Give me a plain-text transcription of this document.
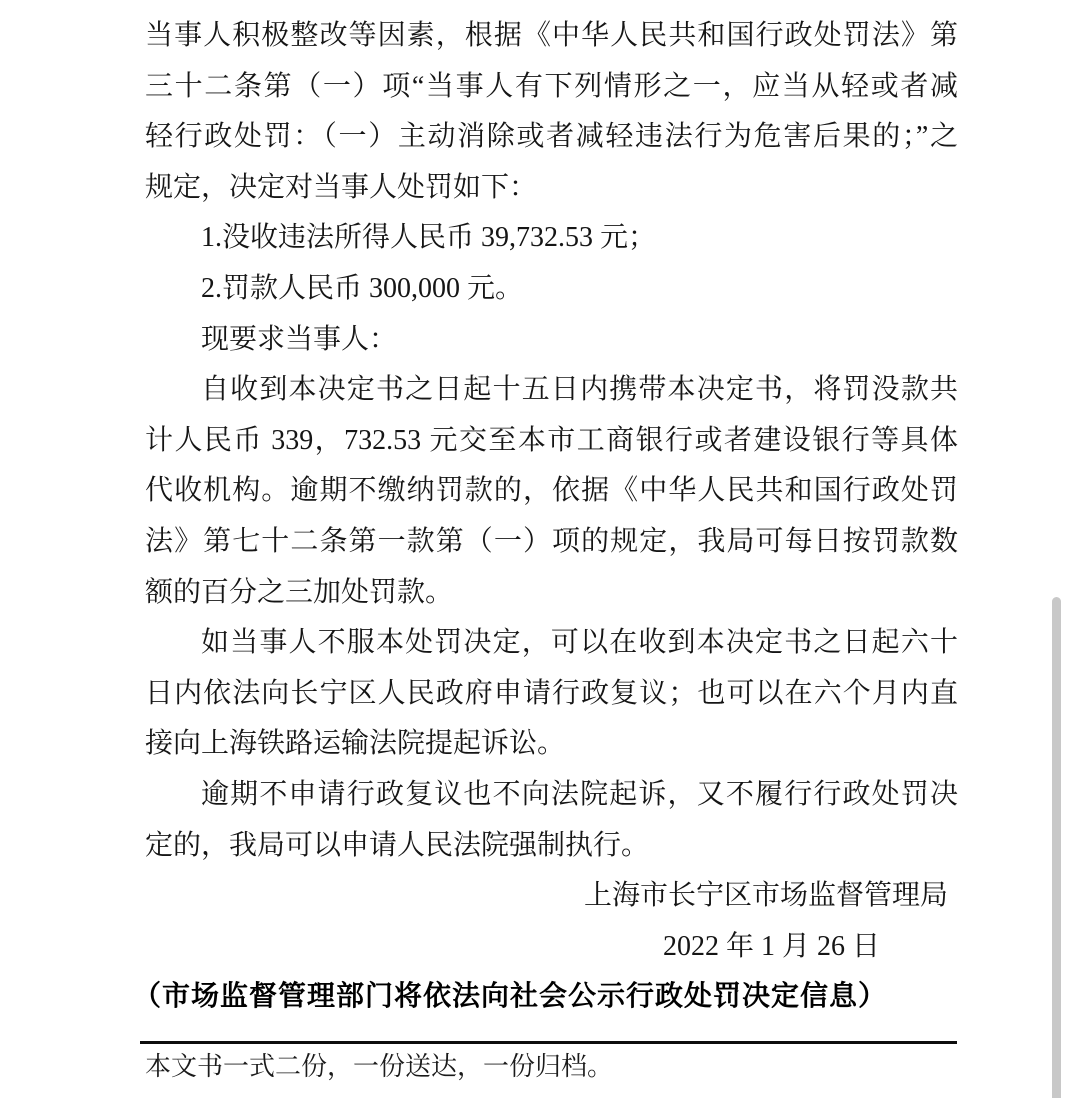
当事人积极整改等因素，根据《中华人民共和国行政处罚法》第

三十二条第（一）项“当事人有下列情形之一，应当从轻或者减

轻行政处罚：（一）主动消除或者减轻违法行为危害后果的；”之

规定，决定对当事人处罚如下：

1.没收违法所得人民币 39,732.53 元；

2.罚款人民币 300,000 元。

现要求当事人：

自收到本决定书之日起十五日内携带本决定书，将罚没款共

计人民币 339，732.53 元交至本市工商银行或者建设银行等具体

代收机构。逾期不缴纳罚款的，依据《中华人民共和国行政处罚

法》第七十二条第一款第（一）项的规定，我局可每日按罚款数

额的百分之三加处罚款。

如当事人不服本处罚决定，可以在收到本决定书之日起六十

日内依法向长宁区人民政府申请行政复议；也可以在六个月内直

接向上海铁路运输法院提起诉讼。

逾期不申请行政复议也不向法院起诉，又不履行行政处罚决

定的，我局可以申请人民法院强制执行。

上海市长宁区市场监督管理局

2022 年 1 月 26 日

（市场监督管理部门将依法向社会公示行政处罚决定信息）

本文书一式二份，一份送达，一份归档。
